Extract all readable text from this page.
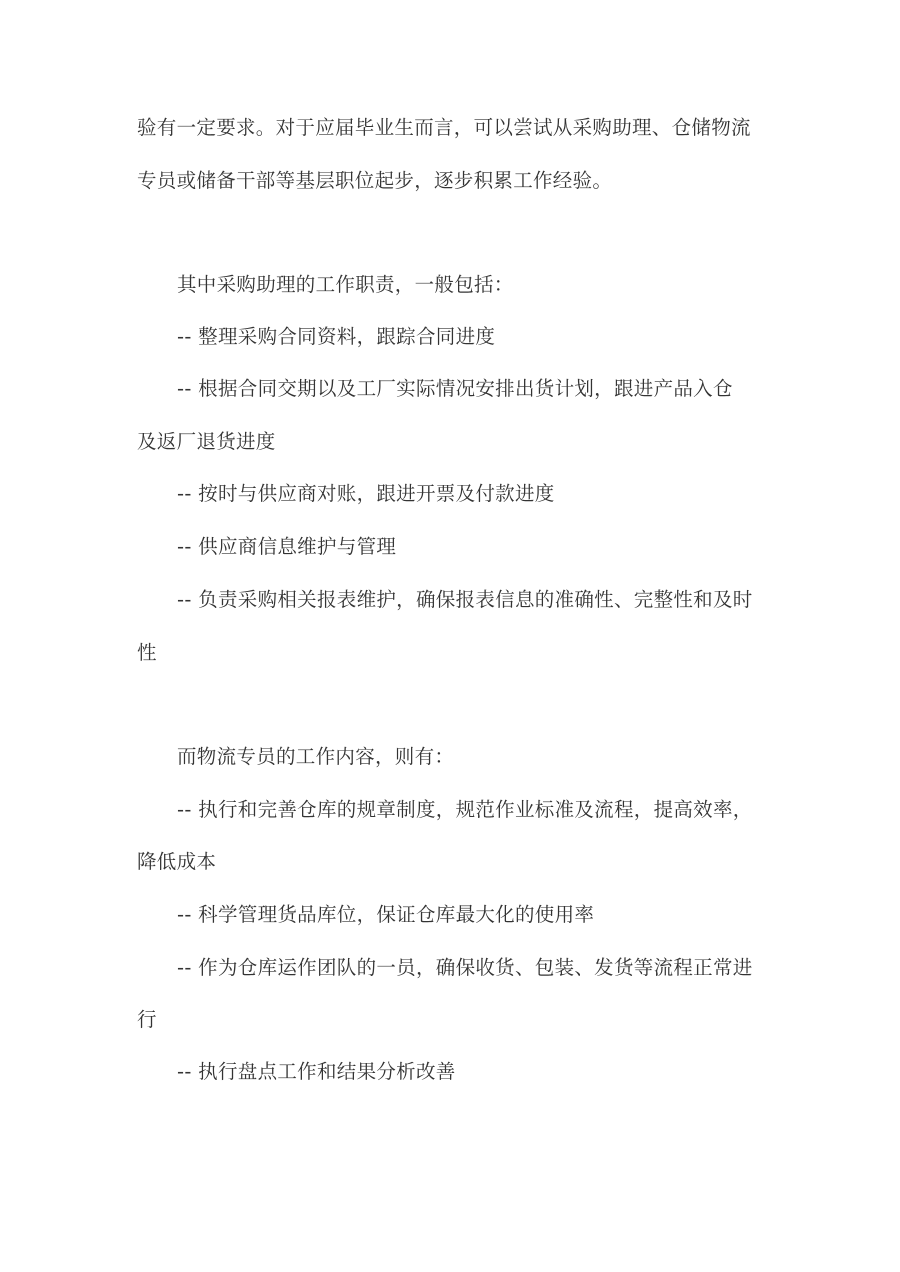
验有一定要求。对于应届毕业生而言，可以尝试从采购助理、仓储物流
专员或储备干部等基层职位起步，逐步积累工作经验。
其中采购助理的工作职责，一般包括：
-- 整理采购合同资料，跟踪合同进度
-- 根据合同交期以及工厂实际情况安排出货计划，跟进产品入仓
及返厂退货进度
-- 按时与供应商对账，跟进开票及付款进度
-- 供应商信息维护与管理
-- 负责采购相关报表维护，确保报表信息的准确性、完整性和及时
性
而物流专员的工作内容，则有：
-- 执行和完善仓库的规章制度，规范作业标准及流程，提高效率，
降低成本
-- 科学管理货品库位，保证仓库最大化的使用率
-- 作为仓库运作团队的一员，确保收货、包装、发货等流程正常进
行
-- 执行盘点工作和结果分析改善
